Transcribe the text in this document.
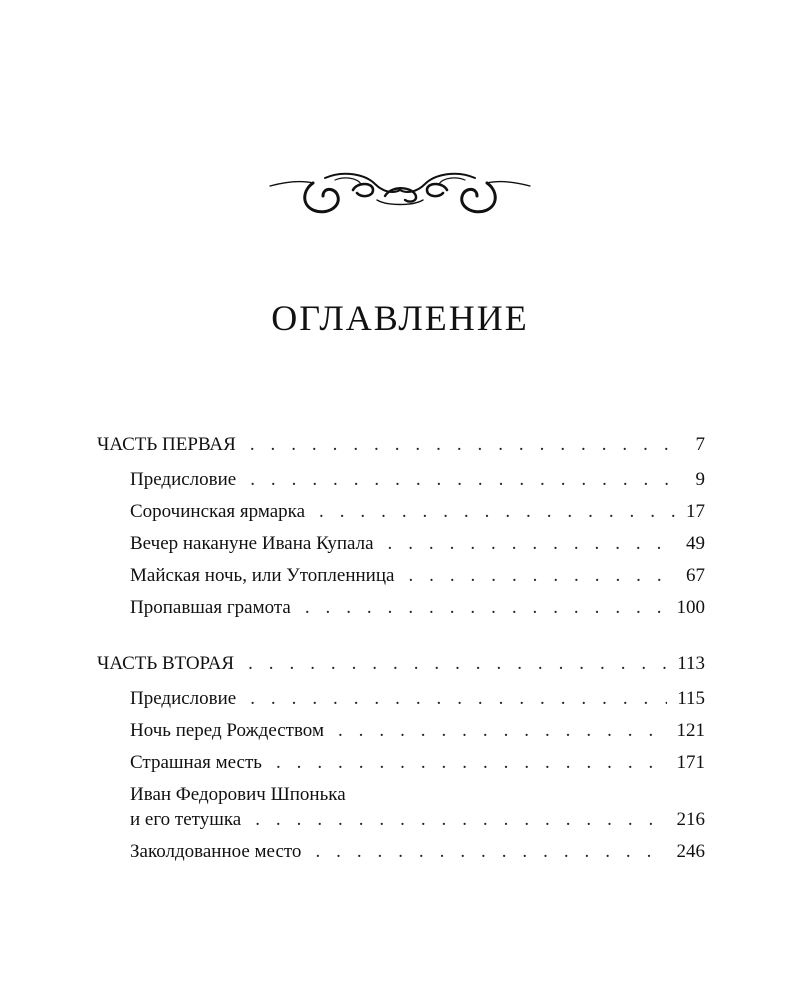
ОГЛАВЛЕНИЕ
ЧАСТЬ ПЕРВАЯ . . .	7
Предисловие . . .	9
Сорочинская ярмарка . . .	17
Вечер накануне Ивана Купала . . .	49
Майская ночь, или Утопленница . . .	67
Пропавшая грамота . . .	100
ЧАСТЬ ВТОРАЯ . . .	113
Предисловие . . .	115
Ночь перед Рождеством . . .	121
Страшная месть . . .	171
Иван Федорович Шпонька
и его тетушка . . .	216
Заколдованное место . . .	246
